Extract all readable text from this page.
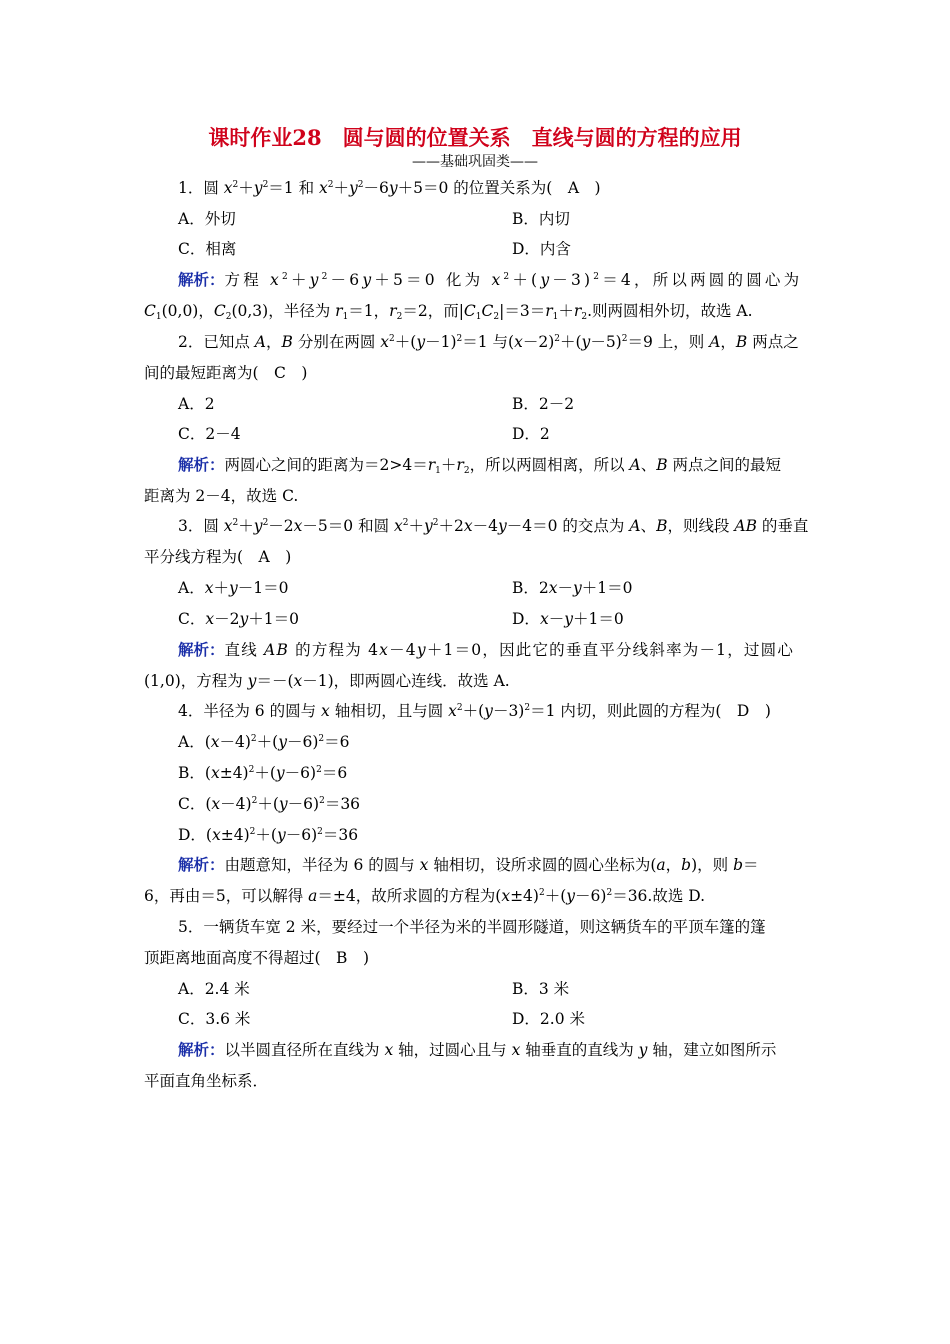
课时作业28　圆与圆的位置关系　直线与圆的方程的应用
——基础巩固类——
1．圆 $x^2+y^2=1$ 和 $x^2+y^2-6y+5=0$ 的位置关系为(　A　)
A．外切	B．内切
C．相离	D．内含
解析：方程 $x^2+y^2-6y+5=0$ 化为 $x^2+(y-3)^2=4$，所以两圆的圆心为
$C_1(0,0)$，$C_2(0,3)$，半径为 $r_1=1$，$r_2=2$，而$|C_1C_2|=3=r_1+r_2$.则两圆相外切，故选 A.
2．已知点 A，B 分别在两圆 $x^2+(y-1)^2=1$ 与$(x-2)^2+(y-5)^2=9$ 上，则 A，B 两点之
间的最短距离为(　C　)
A．2	B．2－2
C．2－4	D．2
解析：两圆心之间的距离为$=2>4=r_1+r_2$，所以两圆相离，所以 A、B 两点之间的最短
距离为 2－4，故选 C.
3．圆 $x^2+y^2-2x-5=0$ 和圆 $x^2+y^2+2x-4y-4=0$ 的交点为 A、B，则线段 AB 的垂直
平分线方程为(　A　)
A．x＋y－1＝0	B．2x－y＋1＝0
C．x－2y＋1＝0	D．x－y＋1＝0
解析：直线 AB 的方程为 4x－4y＋1＝0，因此它的垂直平分线斜率为－1，过圆心
(1,0)，方程为 y＝－(x－1)，即两圆心连线．故选 A.
4．半径为 6 的圆与 x 轴相切，且与圆 $x^2+(y-3)^2=1$ 内切，则此圆的方程为(　D　)
A．$(x-4)^2+(y-6)^2=6$
B．$(x\pm 4)^2+(y-6)^2=6$
C．$(x-4)^2+(y-6)^2=36$
D．$(x\pm 4)^2+(y-6)^2=36$
解析：由题意知，半径为 6 的圆与 x 轴相切，设所求圆的圆心坐标为(a，b)，则 b＝
6，再由＝5，可以解得 a＝±4，故所求圆的方程为$(x\pm 4)^2+(y-6)^2=36$.故选 D.
5．一辆货车宽 2 米，要经过一个半径为米的半圆形隧道，则这辆货车的平顶车篷的篷
顶距离地面高度不得超过(　B　)
A．2.4 米	B．3 米
C．3.6 米	D．2.0 米
解析：以半圆直径所在直线为 x 轴，过圆心且与 x 轴垂直的直线为 y 轴，建立如图所示
平面直角坐标系．
